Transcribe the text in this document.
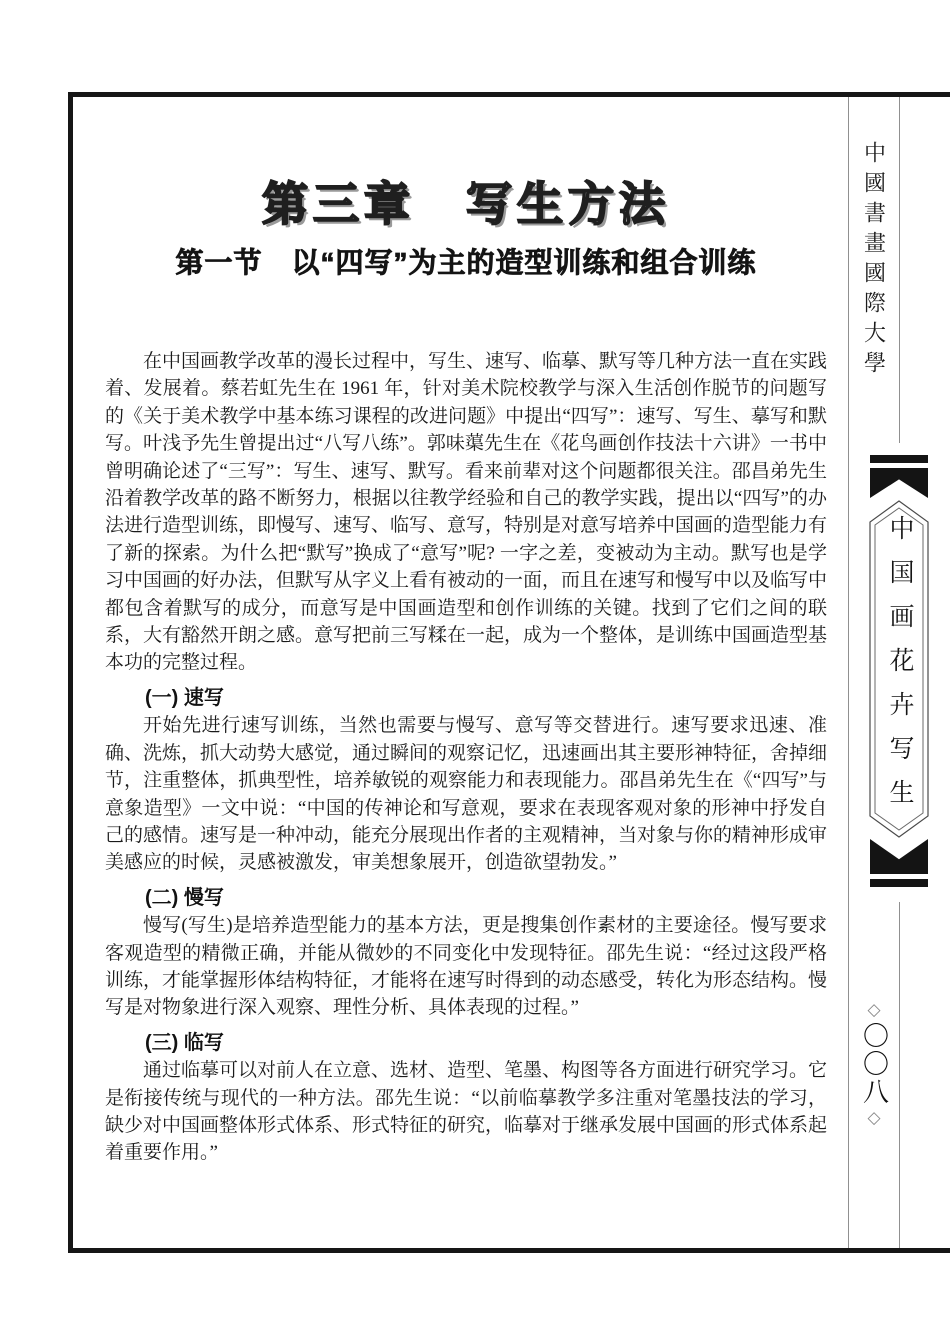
第三章　写生方法
第一节　以“四写”为主的造型训练和组合训练

在中国画教学改革的漫长过程中，写生、速写、临摹、默写等几种方法一直在实践着、发展着。蔡若虹先生在 1961 年，针对美术院校教学与深入生活创作脱节的问题写的《关于美术教学中基本练习课程的改进问题》中提出“四写”：速写、写生、摹写和默写。叶浅予先生曾提出过“八写八练”。郭味蕖先生在《花鸟画创作技法十六讲》一书中曾明确论述了“三写”：写生、速写、默写。看来前辈对这个问题都很关注。邵昌弟先生沿着教学改革的路不断努力，根据以往教学经验和自己的教学实践，提出以“四写”的办法进行造型训练，即慢写、速写、临写、意写，特别是对意写培养中国画的造型能力有了新的探索。为什么把“默写”换成了“意写”呢? 一字之差，变被动为主动。默写也是学习中国画的好办法，但默写从字义上看有被动的一面，而且在速写和慢写中以及临写中都包含着默写的成分，而意写是中国画造型和创作训练的关键。找到了它们之间的联系，大有豁然开朗之感。意写把前三写糅在一起，成为一个整体，是训练中国画造型基本功的完整过程。

(一) 速写

开始先进行速写训练，当然也需要与慢写、意写等交替进行。速写要求迅速、准确、洗炼，抓大动势大感觉，通过瞬间的观察记忆，迅速画出其主要形神特征，舍掉细节，注重整体，抓典型性，培养敏锐的观察能力和表现能力。邵昌弟先生在《“四写”与意象造型》一文中说：“中国的传神论和写意观，要求在表现客观对象的形神中抒发自己的感情。速写是一种冲动，能充分展现出作者的主观精神，当对象与你的精神形成审美感应的时候，灵感被激发，审美想象展开，创造欲望勃发。”

(二) 慢写

慢写(写生)是培养造型能力的基本方法，更是搜集创作素材的主要途径。慢写要求客观造型的精微正确，并能从微妙的不同变化中发现特征。邵先生说：“经过这段严格训练，才能掌握形体结构特征，才能将在速写时得到的动态感受，转化为形态结构。慢写是对物象进行深入观察、理性分析、具体表现的过程。”

(三) 临写

通过临摹可以对前人在立意、选材、造型、笔墨、构图等各方面进行研究学习。它是衔接传统与现代的一种方法。邵先生说：“以前临摹教学多注重对笔墨技法的学习，缺少对中国画整体形式体系、形式特征的研究，临摹对于继承发展中国画的形式体系起着重要作用。”

中國書畫國際大學
中国画花卉写生
◇
〇〇八
◇
